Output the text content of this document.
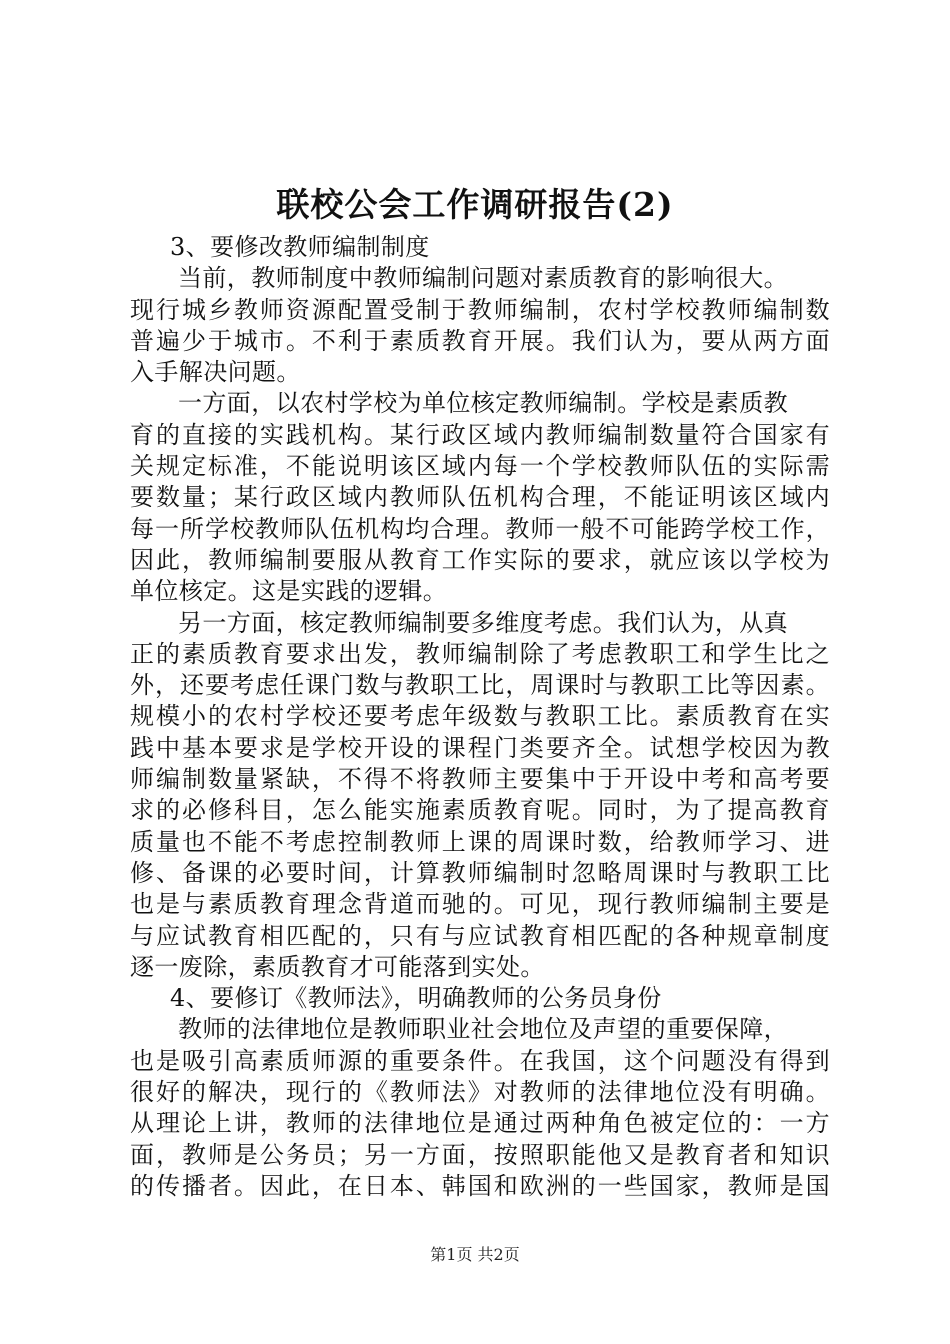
联校公会工作调研报告(2)
3、要修改教师编制制度
当前，教师制度中教师编制问题对素质教育的影响很大。
现行城乡教师资源配置受制于教师编制，农村学校教师编制数
普遍少于城市。不利于素质教育开展。我们认为，要从两方面
入手解决问题。
一方面，以农村学校为单位核定教师编制。学校是素质教
育的直接的实践机构。某行政区域内教师编制数量符合国家有
关规定标准，不能说明该区域内每一个学校教师队伍的实际需
要数量；某行政区域内教师队伍机构合理，不能证明该区域内
每一所学校教师队伍机构均合理。教师一般不可能跨学校工作，
因此，教师编制要服从教育工作实际的要求，就应该以学校为
单位核定。这是实践的逻辑。
另一方面，核定教师编制要多维度考虑。我们认为，从真
正的素质教育要求出发，教师编制除了考虑教职工和学生比之
外，还要考虑任课门数与教职工比，周课时与教职工比等因素。
规模小的农村学校还要考虑年级数与教职工比。素质教育在实
践中基本要求是学校开设的课程门类要齐全。试想学校因为教
师编制数量紧缺，不得不将教师主要集中于开设中考和高考要
求的必修科目，怎么能实施素质教育呢。同时，为了提高教育
质量也不能不考虑控制教师上课的周课时数，给教师学习、进
修、备课的必要时间，计算教师编制时忽略周课时与教职工比
也是与素质教育理念背道而驰的。可见，现行教师编制主要是
与应试教育相匹配的，只有与应试教育相匹配的各种规章制度
逐一废除，素质教育才可能落到实处。
4、要修订《教师法》，明确教师的公务员身份
教师的法律地位是教师职业社会地位及声望的重要保障，
也是吸引高素质师源的重要条件。在我国，这个问题没有得到
很好的解决，现行的《教师法》对教师的法律地位没有明确。
从理论上讲，教师的法律地位是通过两种角色被定位的：一方
面，教师是公务员；另一方面，按照职能他又是教育者和知识
的传播者。因此，在日本、韩国和欧洲的一些国家，教师是国
第1页 共2页
